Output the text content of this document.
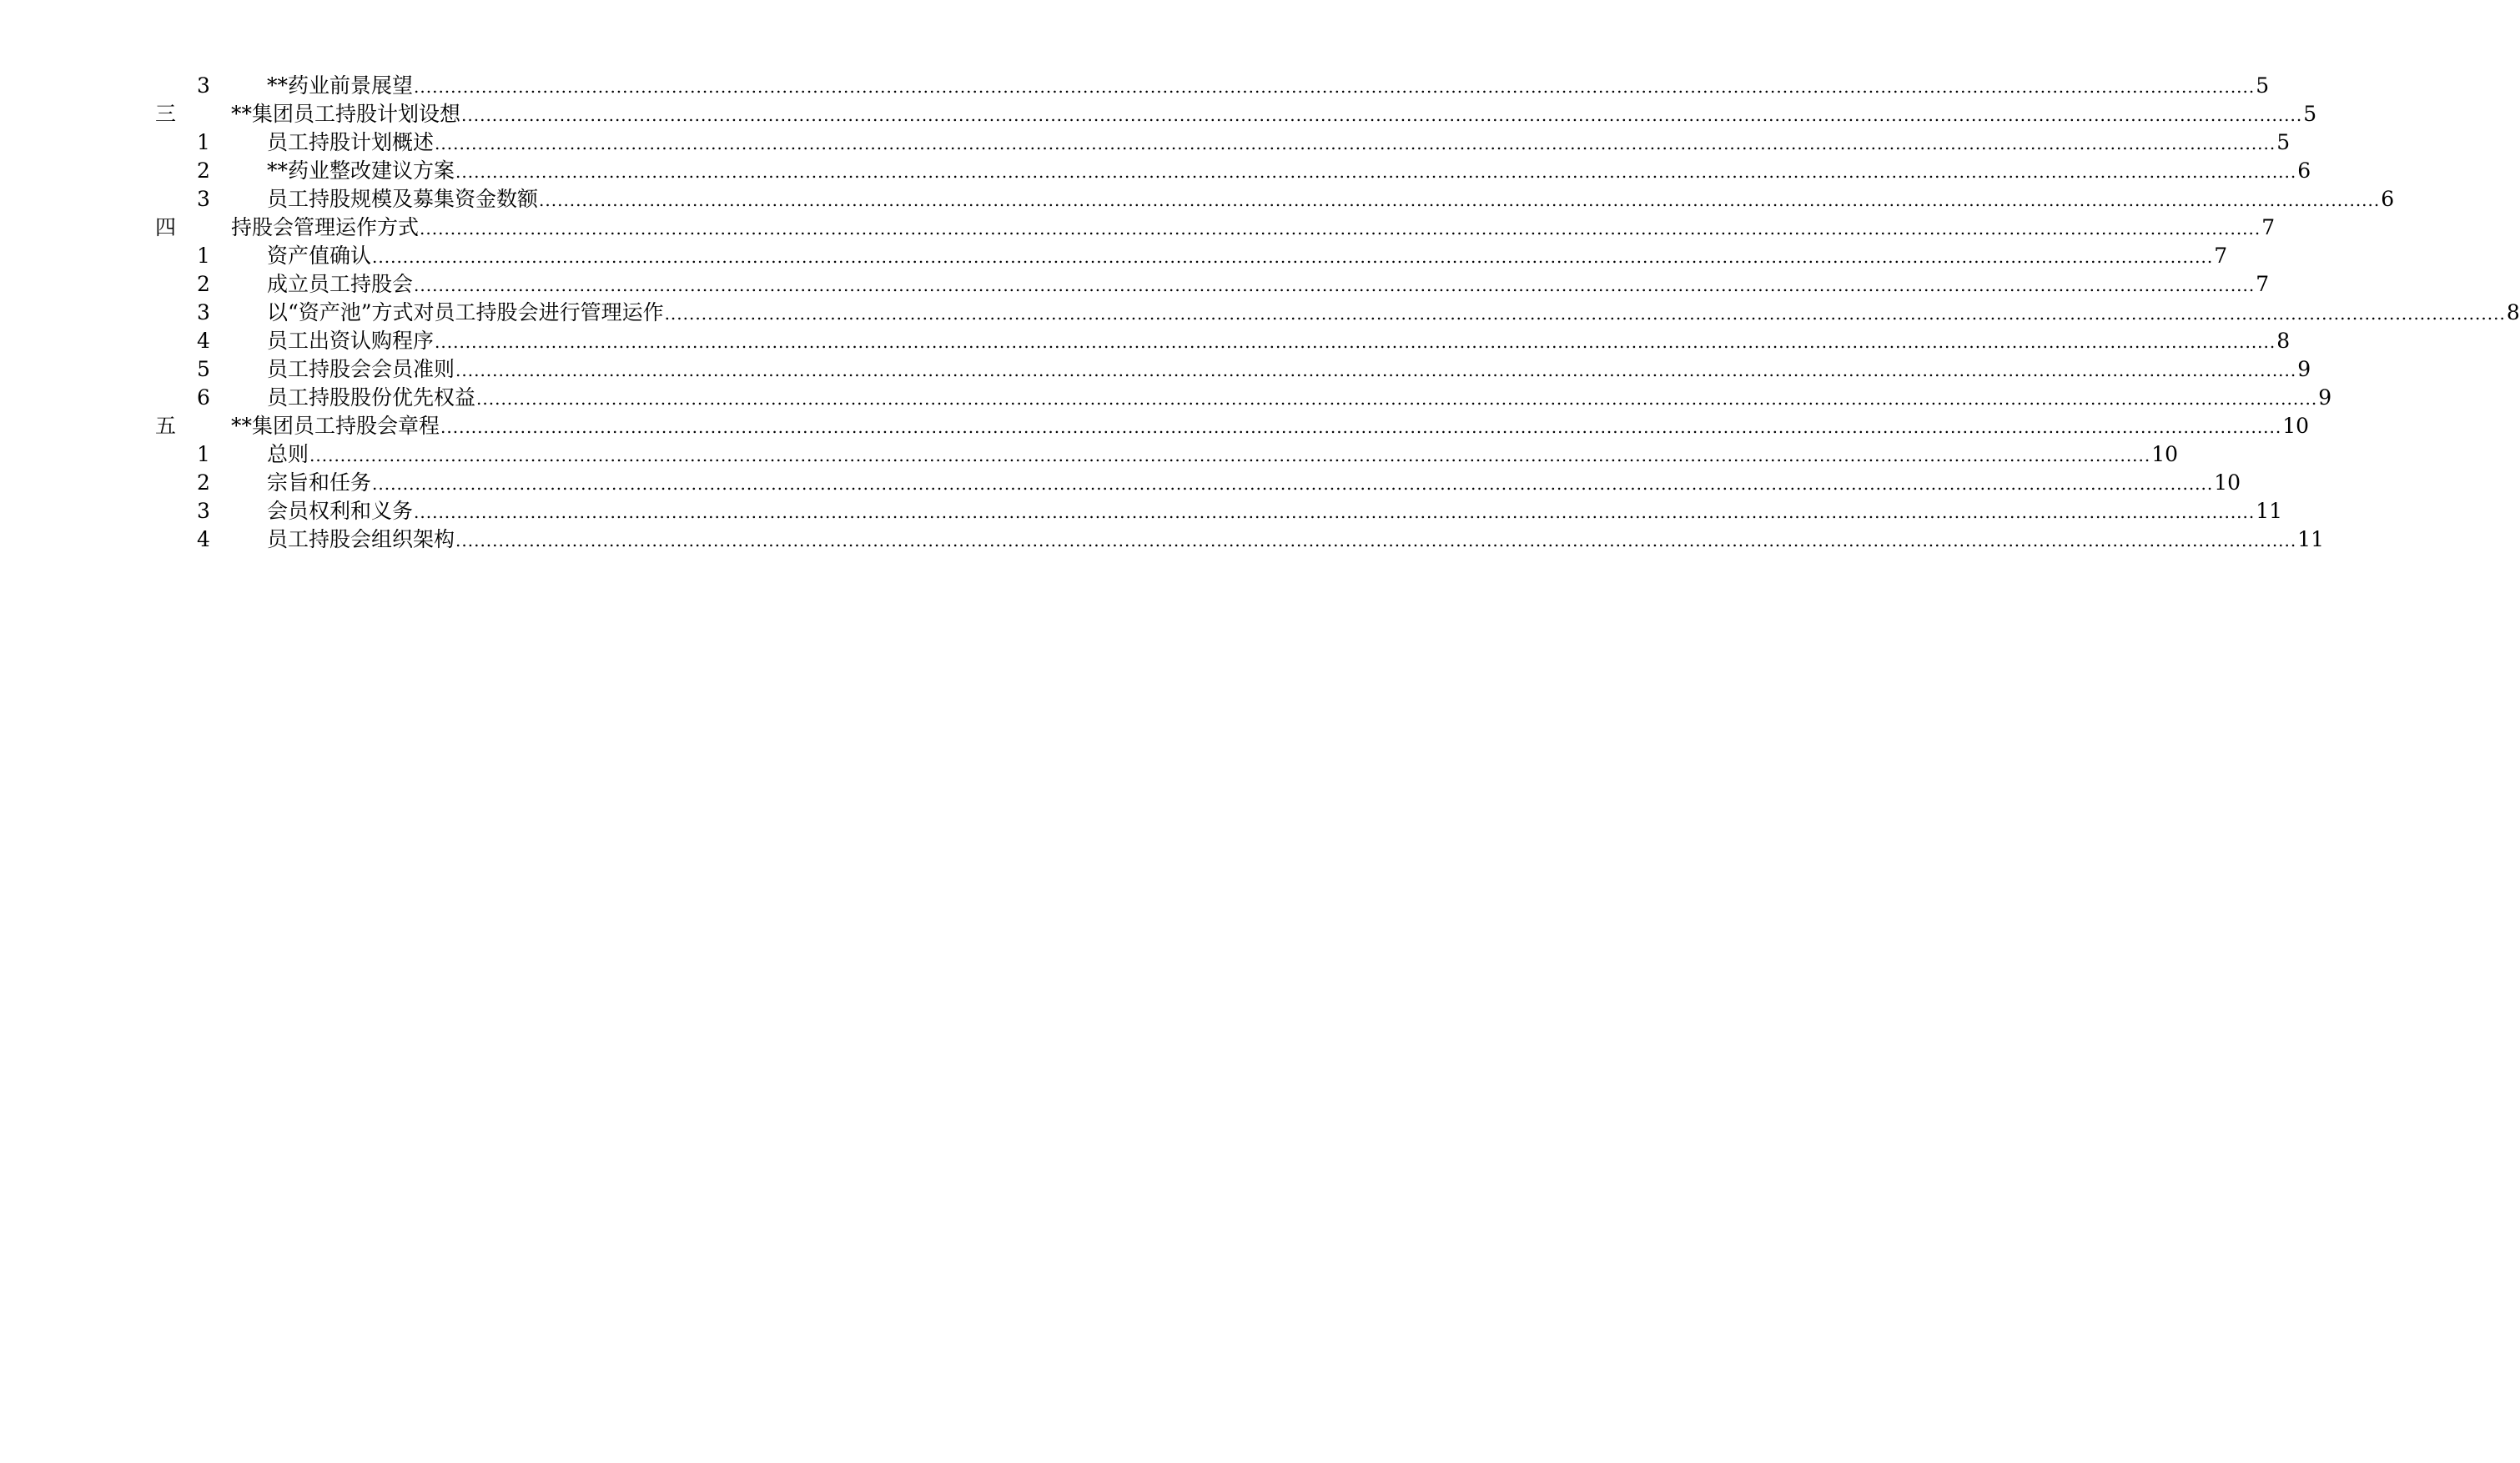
3	**药业前景展望 ............................................................................................................................................................................................................................................................................................................ 5
三	**集团员工持股计划设想 ............................................................................................................................................................................................................................................................................................................ 5
1	员工持股计划概述 ............................................................................................................................................................................................................................................................................................................ 5
2	**药业整改建议方案 ............................................................................................................................................................................................................................................................................................................ 6
3	员工持股规模及募集资金数额 ............................................................................................................................................................................................................................................................................................................ 6
四	持股会管理运作方式 ............................................................................................................................................................................................................................................................................................................ 7
1	资产值确认 ............................................................................................................................................................................................................................................................................................................ 7
2	成立员工持股会 ............................................................................................................................................................................................................................................................................................................ 7
3	以“资产池”方式对员工持股会进行管理运作 ............................................................................................................................................................................................................................................................................................................ 8
4	员工出资认购程序 ............................................................................................................................................................................................................................................................................................................ 8
5	员工持股会会员准则 ............................................................................................................................................................................................................................................................................................................ 9
6	员工持股股份优先权益 ............................................................................................................................................................................................................................................................................................................ 9
五	**集团员工持股会章程 ............................................................................................................................................................................................................................................................................................................ 10
1	总则 ............................................................................................................................................................................................................................................................................................................ 10
2	宗旨和任务 ............................................................................................................................................................................................................................................................................................................ 10
3	会员权利和义务 ............................................................................................................................................................................................................................................................................................................ 11
4	员工持股会组织架构 ............................................................................................................................................................................................................................................................................................................ 11
